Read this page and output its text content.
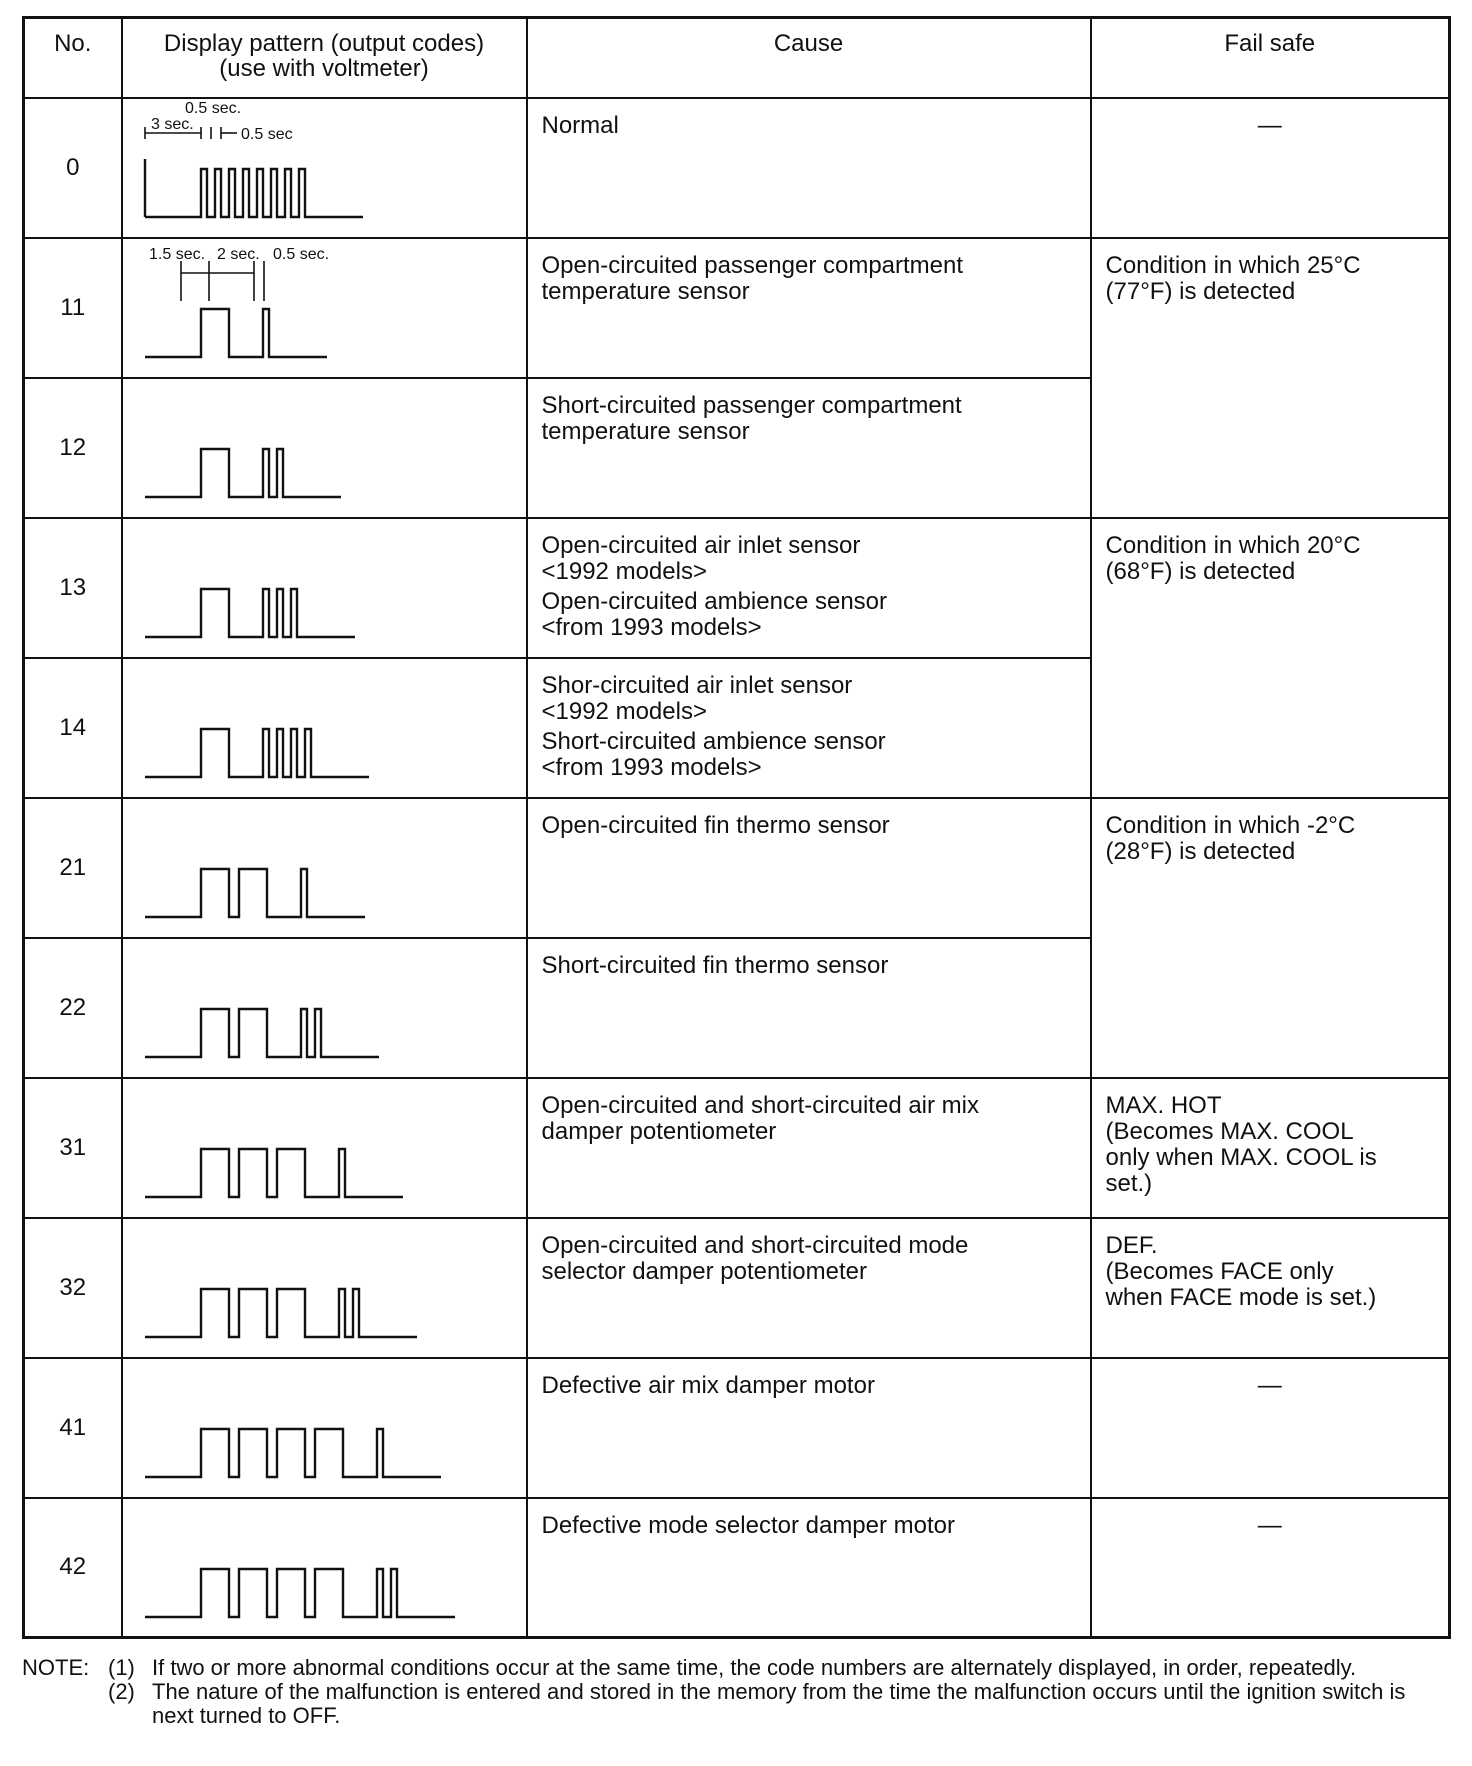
No.	Display pattern (output codes)
(use with voltmeter)	Cause	Fail safe
0	0.5 sec.
3 sec.
0.5 sec	Normal	—
11	1.5 sec. 2 sec. 0.5 sec.	Open-circuited passenger compartment
temperature sensor	Condition in which 25°C
(77°F) is detected

12		Short-circuited passenger compartment
temperature sensor	

13		Open-circuited air inlet sensor
<1992 models>
Open-circuited ambience sensor
<from 1993 models>	Condition in which 20°C
(68°F) is detected

14		Shor-circuited air inlet sensor
<1992 models>
Short-circuited ambience sensor
<from 1993 models>	

21		Open-circuited fin thermo sensor	Condition in which -2°C
(28°F) is detected

22		Short-circuited fin thermo sensor	

31		Open-circuited and short-circuited air mix
damper potentiometer	MAX. HOT
(Becomes MAX. COOL
only when MAX. COOL is
set.)

32		Open-circuited and short-circuited mode
selector damper potentiometer	DEF.
(Becomes FACE only
when FACE mode is set.)

41		Defective air mix damper motor	—
42		Defective mode selector damper motor	—
NOTE: (1) If two or more abnormal conditions occur at the same time, the code numbers are alternately displayed, in order, repeatedly.
(2) The nature of the malfunction is entered and stored in the memory from the time the malfunction occurs until the ignition switch is next turned to OFF.
